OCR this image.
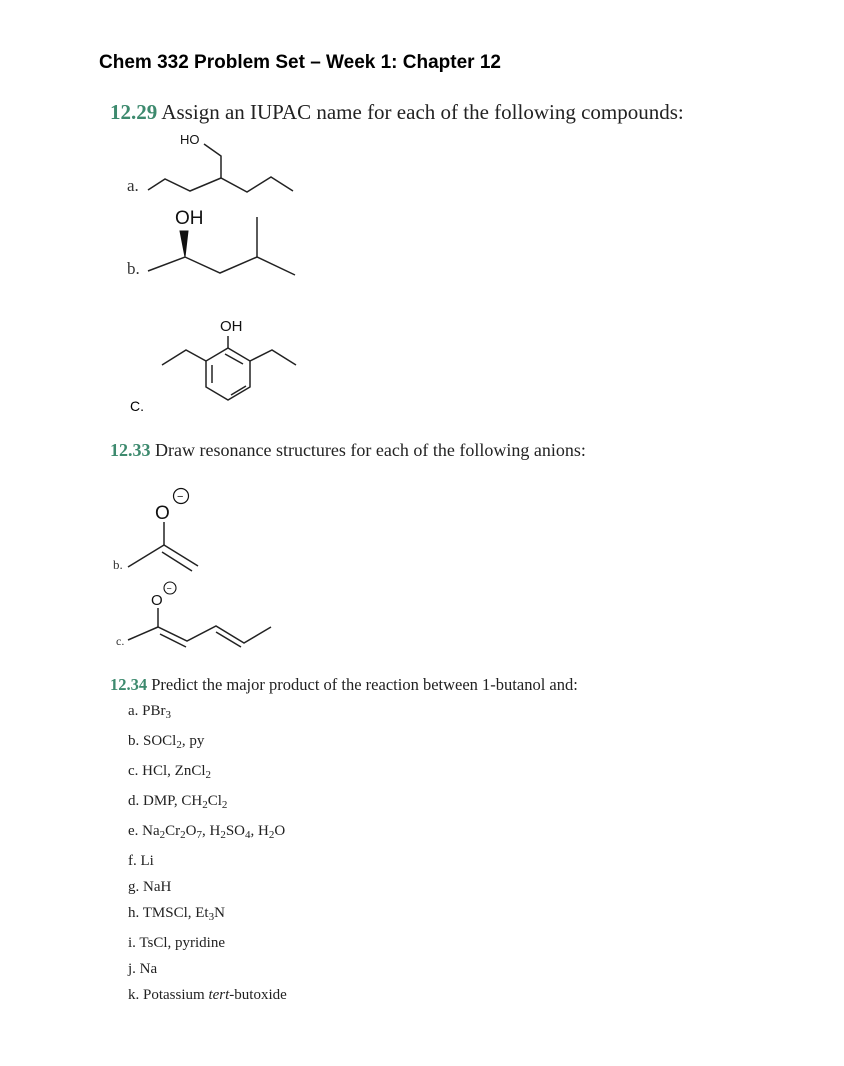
Chem 332 Problem Set – Week 1: Chapter 12
12.29 Assign an IUPAC name for each of the following compounds:
a.
HO
b.
OH
OH
C.
12.33 Draw resonance structures for each of the following anions:
b.
O
−
c.
O
−
12.34 Predict the major product of the reaction between 1-butanol and:
a. PBr$_3$
b. SOCl$_2$, py
c. HCl, ZnCl$_2$
d. DMP, $CH_2Cl_2$
e. $Na_2Cr_2O_7$, $H_2SO_4$, $H_2O$
f. Li
g. NaH
h. TMSCl, $Et_3N$
i. TsCl, pyridine
j. Na
k. Potassium tert-butoxide
